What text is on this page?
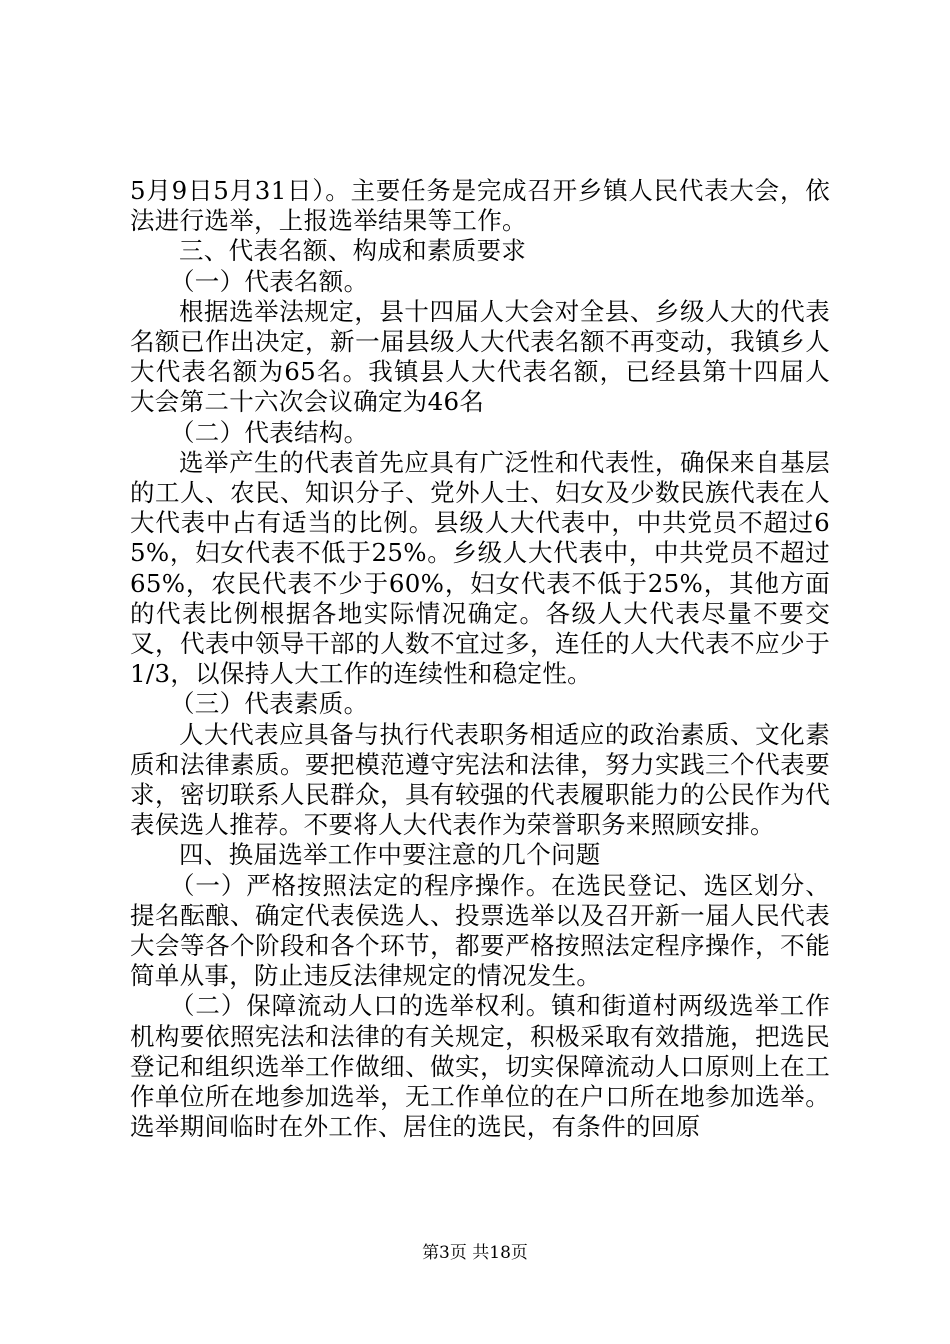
5月9日5月31日）。主要任务是完成召开乡镇人民代表大会，依法进行选举，上报选举结果等工作。

三、代表名额、构成和素质要求

（一）代表名额。

根据选举法规定，县十四届人大会对全县、乡级人大的代表名额已作出决定，新一届县级人大代表名额不再变动，我镇乡人大代表名额为65名。我镇县人大代表名额，已经县第十四届人大会第二十六次会议确定为46名

（二）代表结构。

选举产生的代表首先应具有广泛性和代表性，确保来自基层的工人、农民、知识分子、党外人士、妇女及少数民族代表在人大代表中占有适当的比例。县级人大代表中，中共党员不超过65%，妇女代表不低于25%。乡级人大代表中，中共党员不超过65%，农民代表不少于60%，妇女代表不低于25%，其他方面的代表比例根据各地实际情况确定。各级人大代表尽量不要交叉，代表中领导干部的人数不宜过多，连任的人大代表不应少于1/3，以保持人大工作的连续性和稳定性。

（三）代表素质。

人大代表应具备与执行代表职务相适应的政治素质、文化素质和法律素质。要把模范遵守宪法和法律，努力实践三个代表要求，密切联系人民群众，具有较强的代表履职能力的公民作为代表侯选人推荐。不要将人大代表作为荣誉职务来照顾安排。

四、换届选举工作中要注意的几个问题

（一）严格按照法定的程序操作。在选民登记、选区划分、提名酝酿、确定代表侯选人、投票选举以及召开新一届人民代表大会等各个阶段和各个环节，都要严格按照法定程序操作，不能简单从事，防止违反法律规定的情况发生。

（二）保障流动人口的选举权利。镇和街道村两级选举工作机构要依照宪法和法律的有关规定，积极采取有效措施，把选民登记和组织选举工作做细、做实，切实保障流动人口原则上在工作单位所在地参加选举，无工作单位的在户口所在地参加选举。选举期间临时在外工作、居住的选民，有条件的回原

第3页 共18页
